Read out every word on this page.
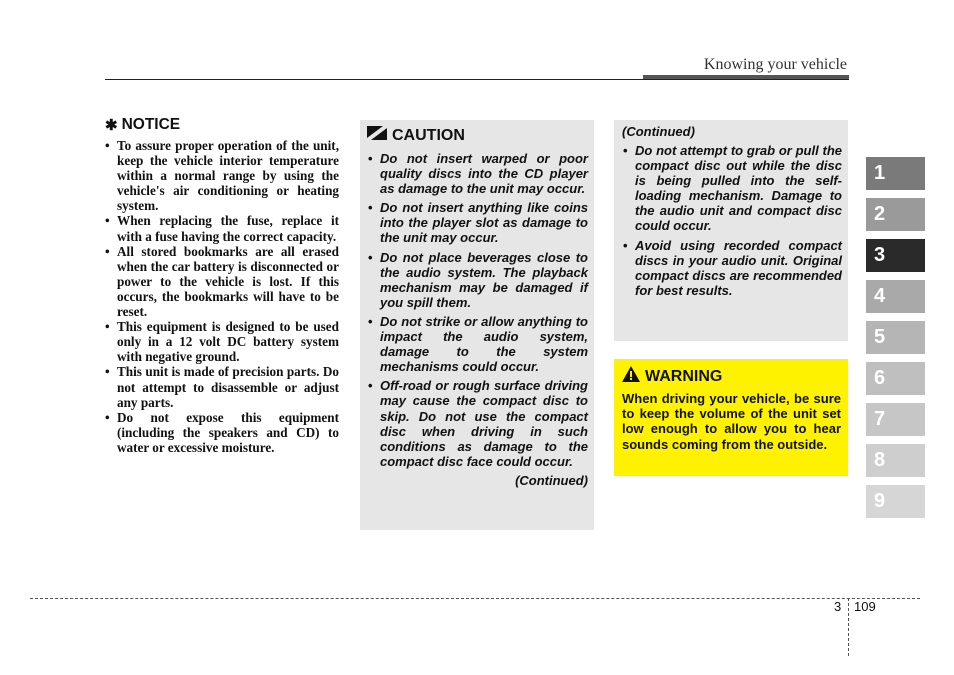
Knowing your vehicle
✱ NOTICE
• To assure proper operation of the unit, keep the vehicle interior temperature within a normal range by using the vehicle's air conditioning or heating system.
• When replacing the fuse, replace it with a fuse having the correct capacity.
• All stored bookmarks are all erased when the car battery is disconnected or power to the vehicle is lost. If this occurs, the bookmarks will have to be reset.
• This equipment is designed to be used only in a 12 volt DC battery system with negative ground.
• This unit is made of precision parts. Do not attempt to disassemble or adjust any parts.
• Do not expose this equipment (including the speakers and CD) to water or excessive moisture.
CAUTION
• Do not insert warped or poor quality discs into the CD player as damage to the unit may occur.
• Do not insert anything like coins into the player slot as damage to the unit may occur.
• Do not place beverages close to the audio system. The playback mechanism may be damaged if you spill them.
• Do not strike or allow anything to impact the audio system, damage to the system mechanisms could occur.
• Off-road or rough surface driving may cause the compact disc to skip. Do not use the compact disc when driving in such conditions as damage to the compact disc face could occur.
(Continued)
(Continued)
• Do not attempt to grab or pull the compact disc out while the disc is being pulled into the self-loading mechanism. Damage to the audio unit and compact disc could occur.
• Avoid using recorded compact discs in your audio unit. Original compact discs are recommended for best results.
WARNING
When driving your vehicle, be sure to keep the volume of the unit set low enough to allow you to hear sounds coming from the outside.
1
2
3
4
5
6
7
8
9
3 109
